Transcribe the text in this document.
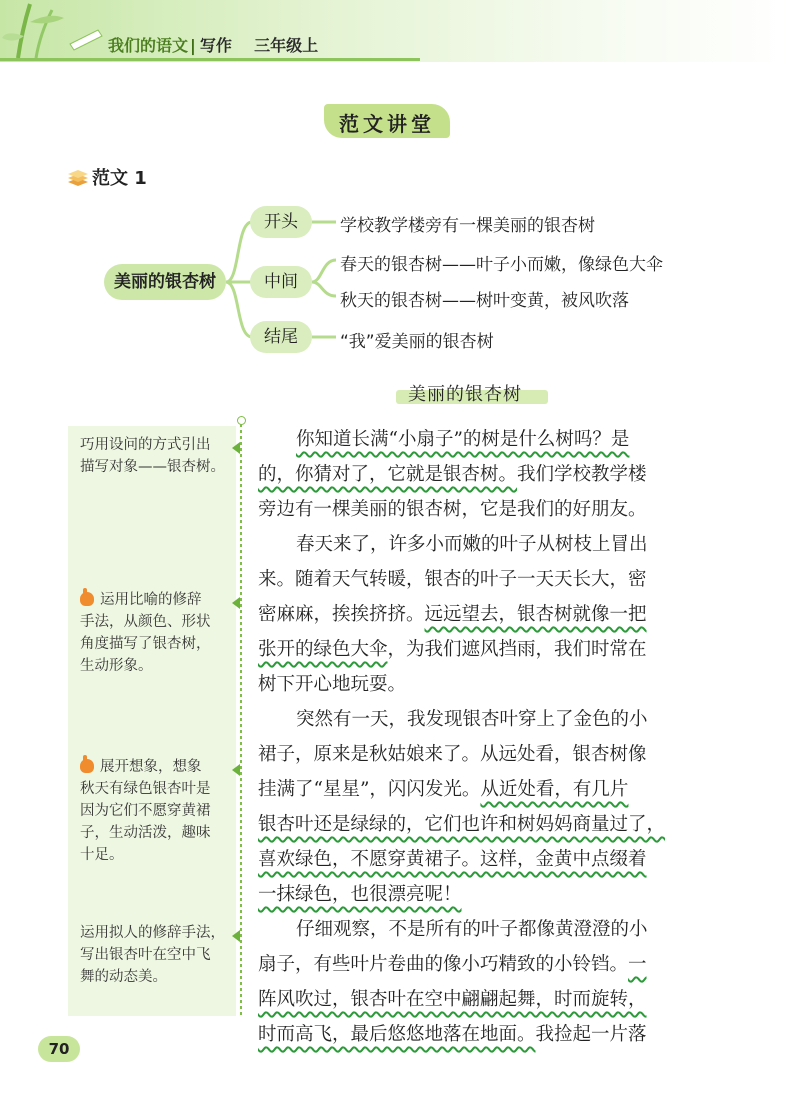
我们的语文 | 写作 三年级上
范文讲堂
范文 1
美丽的银杏树
开头
中间
结尾
学校教学楼旁有一棵美丽的银杏树
春天的银杏树——叶子小而嫩，像绿色大伞
秋天的银杏树——树叶变黄，被风吹落
“我”爱美丽的银杏树
美丽的银杏树
巧用设问的方式引出
描写对象——银杏树。
运用比喻的修辞
手法，从颜色、形状
角度描写了银杏树，
生动形象。
展开想象，想象
秋天有绿色银杏叶是
因为它们不愿穿黄裙
子，生动活泼，趣味
十足。
运用拟人的修辞手法，
写出银杏叶在空中飞
舞的动态美。
你知道长满“小扇子”的树是什么树吗？是
的，你猜对了，它就是银杏树。我们学校教学楼
旁边有一棵美丽的银杏树，它是我们的好朋友。
春天来了，许多小而嫩的叶子从树枝上冒出
来。随着天气转暖，银杏的叶子一天天长大，密
密麻麻，挨挨挤挤。远远望去，银杏树就像一把
张开的绿色大伞，为我们遮风挡雨，我们时常在
树下开心地玩耍。
突然有一天，我发现银杏叶穿上了金色的小
裙子，原来是秋姑娘来了。从远处看，银杏树像
挂满了“星星”，闪闪发光。从近处看，有几片
银杏叶还是绿绿的，它们也许和树妈妈商量过了，
喜欢绿色，不愿穿黄裙子。这样，金黄中点缀着
一抹绿色，也很漂亮呢！
仔细观察，不是所有的叶子都像黄澄澄的小
扇子，有些叶片卷曲的像小巧精致的小铃铛。一
阵风吹过，银杏叶在空中翩翩起舞，时而旋转，
时而高飞，最后悠悠地落在地面。我捡起一片落
70
